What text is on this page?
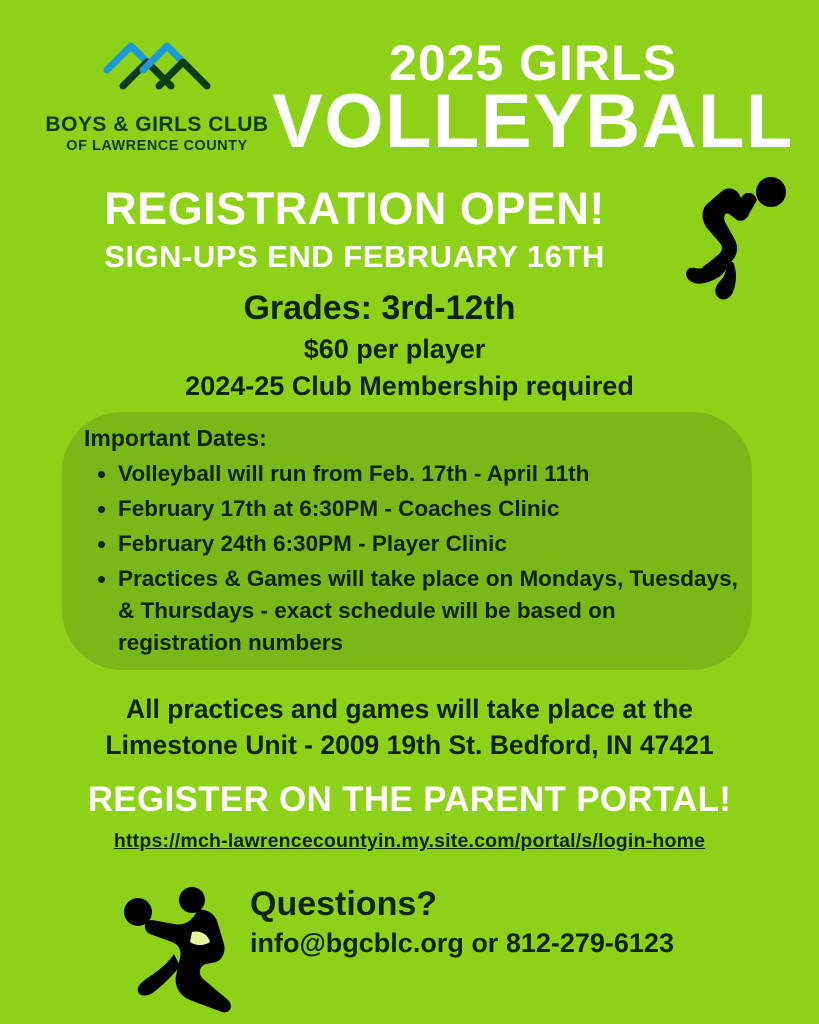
BOYS & GIRLS CLUB
OF LAWRENCE COUNTY
2025 GIRLS
VOLLEYBALL
REGISTRATION OPEN!
SIGN-UPS END FEBRUARY 16TH
Grades: 3rd-12th
$60 per player
2024-25 Club Membership required
Important Dates:
• Volleyball will run from Feb. 17th - April 11th
• February 17th at 6:30PM - Coaches Clinic
• February 24th 6:30PM - Player Clinic
• Practices & Games will take place on Mondays, Tuesdays, & Thursdays - exact schedule will be based on registration numbers
All practices and games will take place at the
Limestone Unit - 2009 19th St. Bedford, IN 47421
REGISTER ON THE PARENT PORTAL!
https://mch-lawrencecountyin.my.site.com/portal/s/login-home
Questions?
info@bgcblc.org or 812-279-6123
